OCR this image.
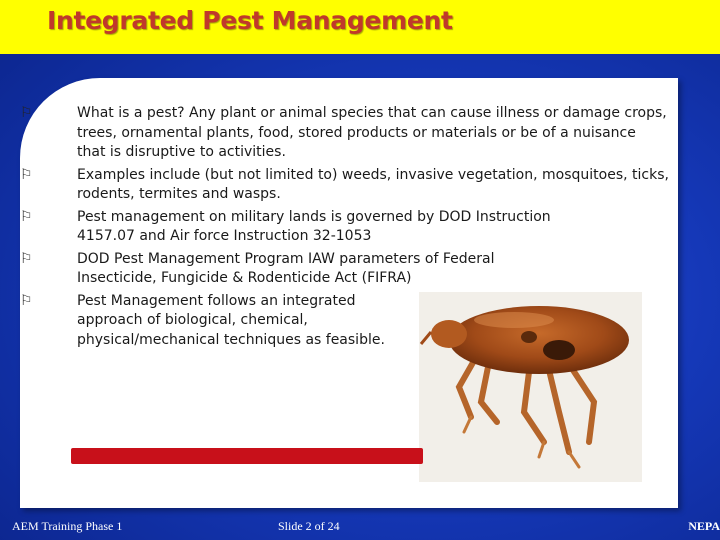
Integrated Pest Management
⚐	What is a pest? Any plant or animal species that can cause illness or damage crops, trees, ornamental plants, food, stored products or materials or be of a nuisance that is disruptive to activities.
⚐	Examples include (but not limited to) weeds, invasive vegetation, mosquitoes, ticks, rodents, termites and wasps.
⚐	Pest management on military lands is governed by DOD Instruction 4157.07 and Air force Instruction 32-1053
⚐	DOD Pest Management Program IAW parameters of Federal Insecticide, Fungicide & Rodenticide Act (FIFRA)
⚐	Pest Management follows an integrated approach of biological, chemical, physical/mechanical techniques as feasible.
AEM Training Phase 1	Slide 2 of 24	NEPA
